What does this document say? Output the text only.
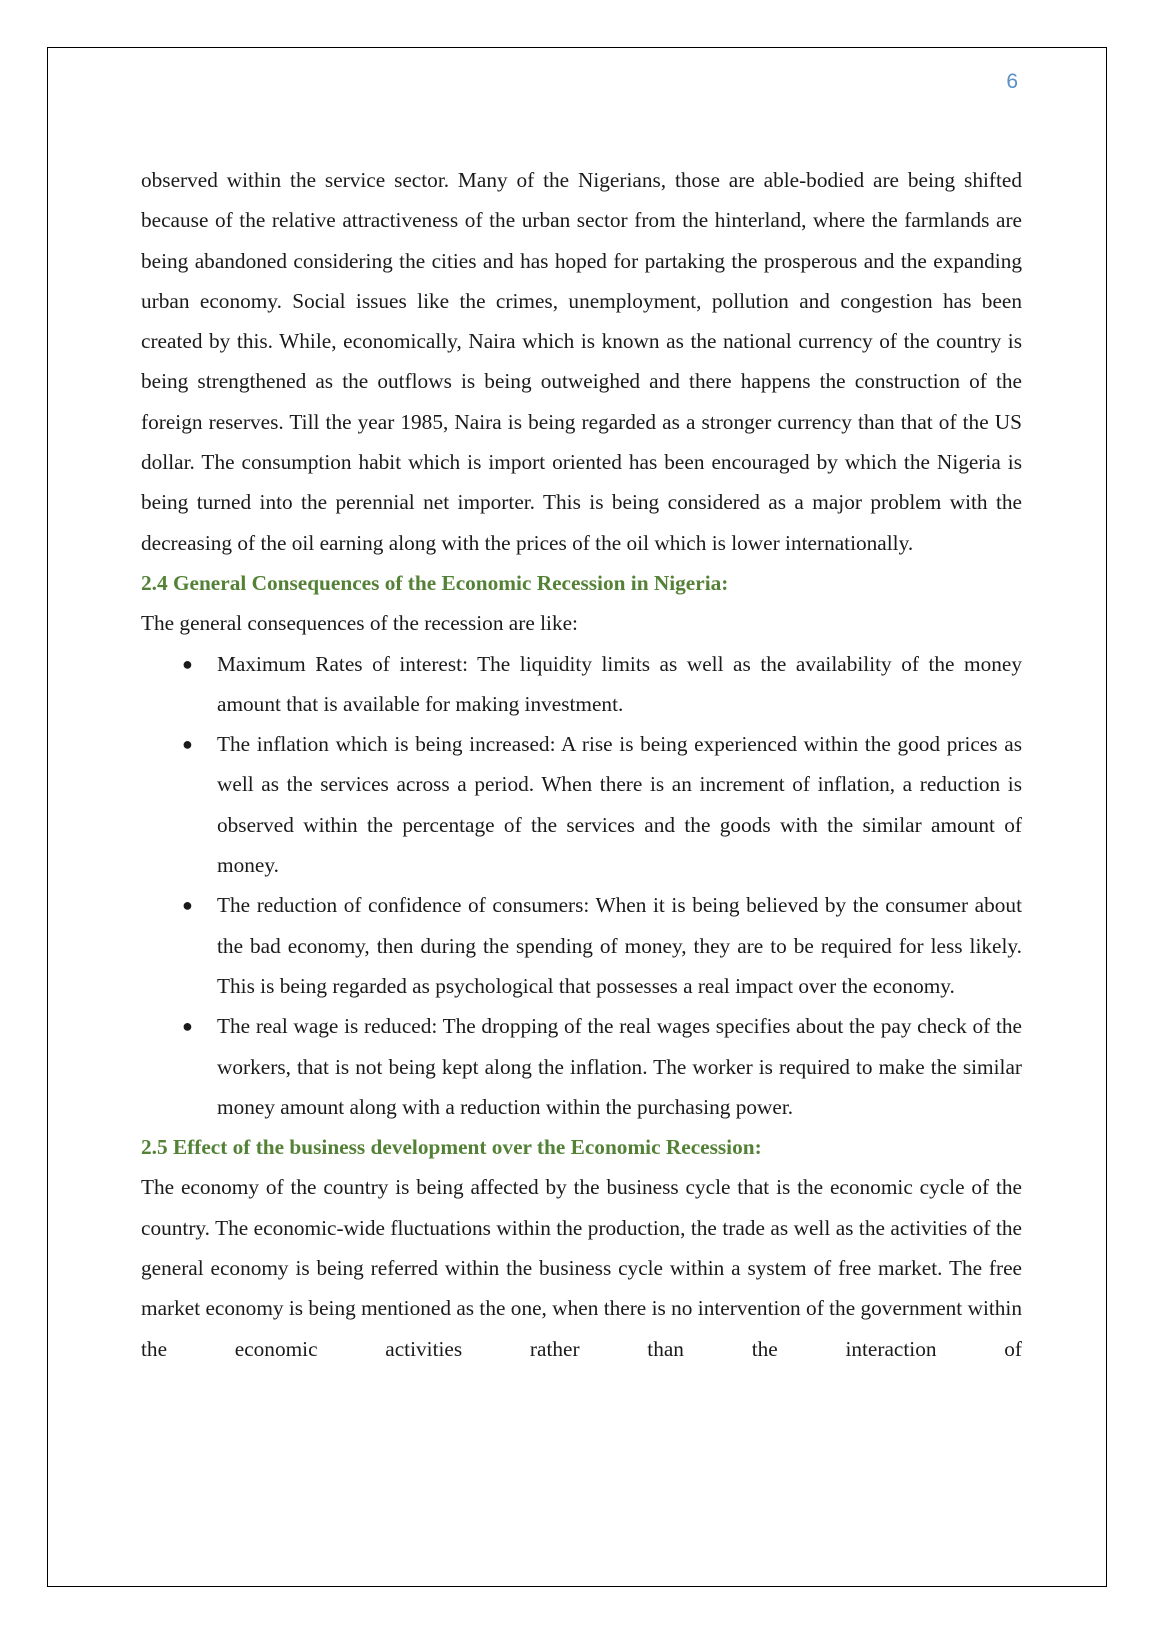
6

observed within the service sector. Many of the Nigerians, those are able-bodied are being shifted because of the relative attractiveness of the urban sector from the hinterland, where the farmlands are being abandoned considering the cities and has hoped for partaking the prosperous and the expanding urban economy. Social issues like the crimes, unemployment, pollution and congestion has been created by this. While, economically, Naira which is known as the national currency of the country is being strengthened as the outflows is being outweighed and there happens the construction of the foreign reserves. Till the year 1985, Naira is being regarded as a stronger currency than that of the US dollar. The consumption habit which is import oriented has been encouraged by which the Nigeria is being turned into the perennial net importer. This is being considered as a major problem with the decreasing of the oil earning along with the prices of the oil which is lower internationally.

2.4 General Consequences of the Economic Recession in Nigeria:

The general consequences of the recession are like:

● Maximum Rates of interest: The liquidity limits as well as the availability of the money amount that is available for making investment.
● The inflation which is being increased: A rise is being experienced within the good prices as well as the services across a period. When there is an increment of inflation, a reduction is observed within the percentage of the services and the goods with the similar amount of money.
● The reduction of confidence of consumers: When it is being believed by the consumer about the bad economy, then during the spending of money, they are to be required for less likely. This is being regarded as psychological that possesses a real impact over the economy.
● The real wage is reduced: The dropping of the real wages specifies about the pay check of the workers, that is not being kept along the inflation. The worker is required to make the similar money amount along with a reduction within the purchasing power.
2.5 Effect of the business development over the Economic Recession:

The economy of the country is being affected by the business cycle that is the economic cycle of the country. The economic-wide fluctuations within the production, the trade as well as the activities of the general economy is being referred within the business cycle within a system of free market. The free market economy is being mentioned as the one, when there is no intervention of the government within the economic activities rather than the interaction of
